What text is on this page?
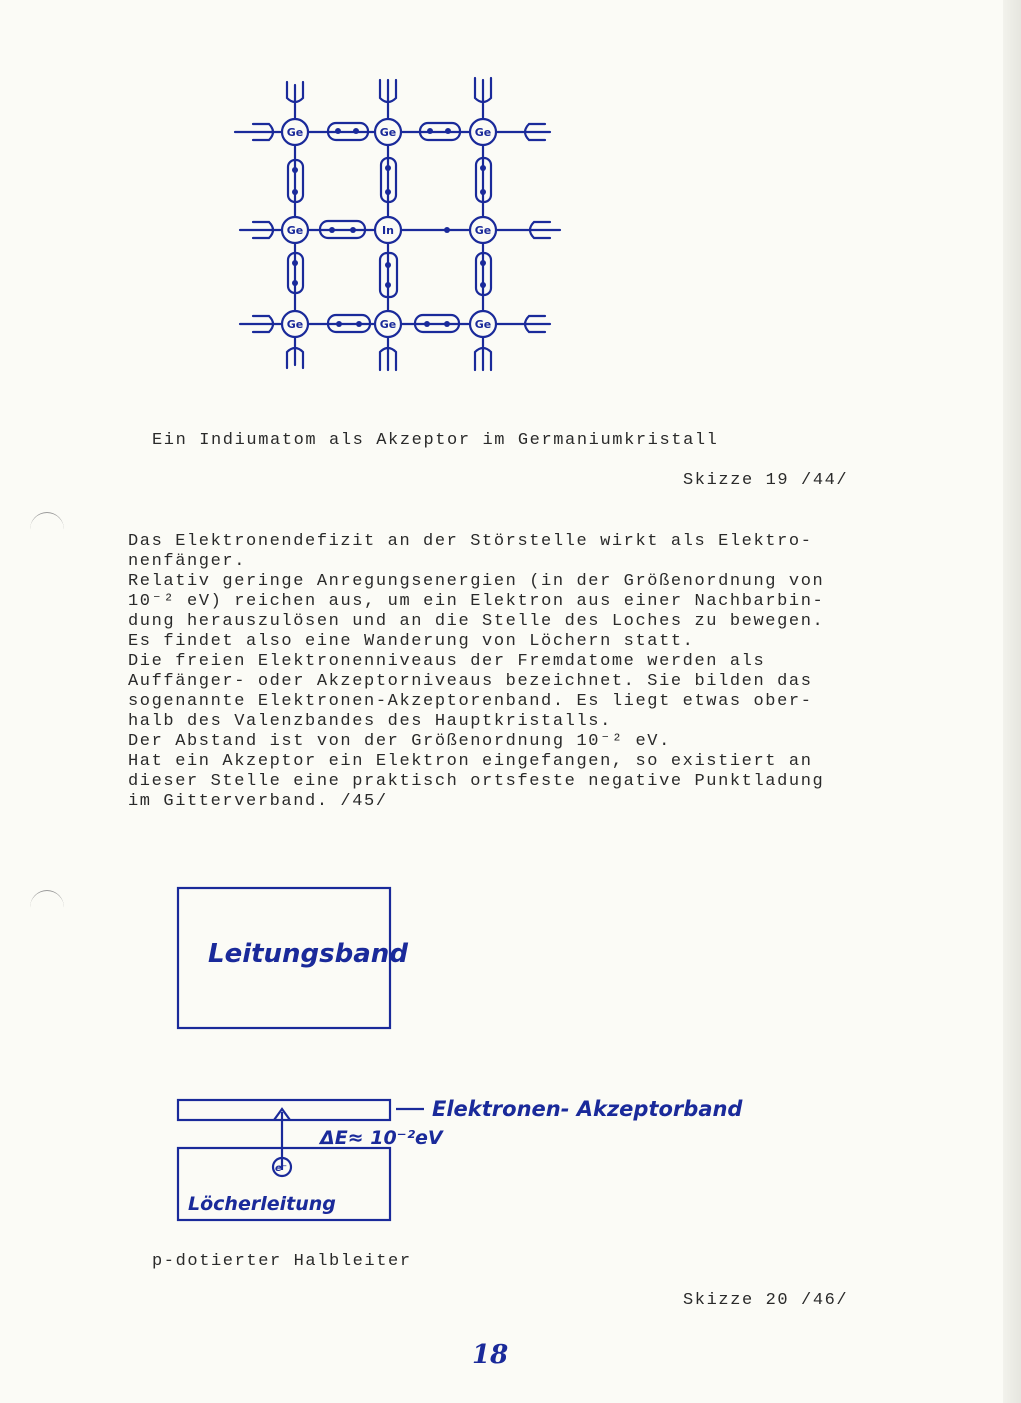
Ge	Ge	Ge
Ge	In	Ge
Ge	Ge	Ge
Ein Indiumatom als Akzeptor im Germaniumkristall
Skizze 19 /44/
Das Elektronendefizit an der Störstelle wirkt als Elektro-
nenfänger.
Relativ geringe Anregungsenergien (in der Größenordnung von
10⁻² eV) reichen aus, um ein Elektron aus einer Nachbarbin-
dung herauszulösen und an die Stelle des Loches zu bewegen.
Es findet also eine Wanderung von Löchern statt.
Die freien Elektronenniveaus der Fremdatome werden als
Auffänger- oder Akzeptorniveaus bezeichnet. Sie bilden das
sogenannte Elektronen-Akzeptorenband. Es liegt etwas ober-
halb des Valenzbandes des Hauptkristalls.
Der Abstand ist von der Größenordnung 10⁻² eV.
Hat ein Akzeptor ein Elektron eingefangen, so existiert an
dieser Stelle eine praktisch ortsfeste negative Punktladung
im Gitterverband. /45/
Leitungsband
Elektronen- Akzeptorband
ΔE≈ 10⁻²eV
e⁻
Löcherleitung
p-dotierter Halbleiter
Skizze 20 /46/
18
